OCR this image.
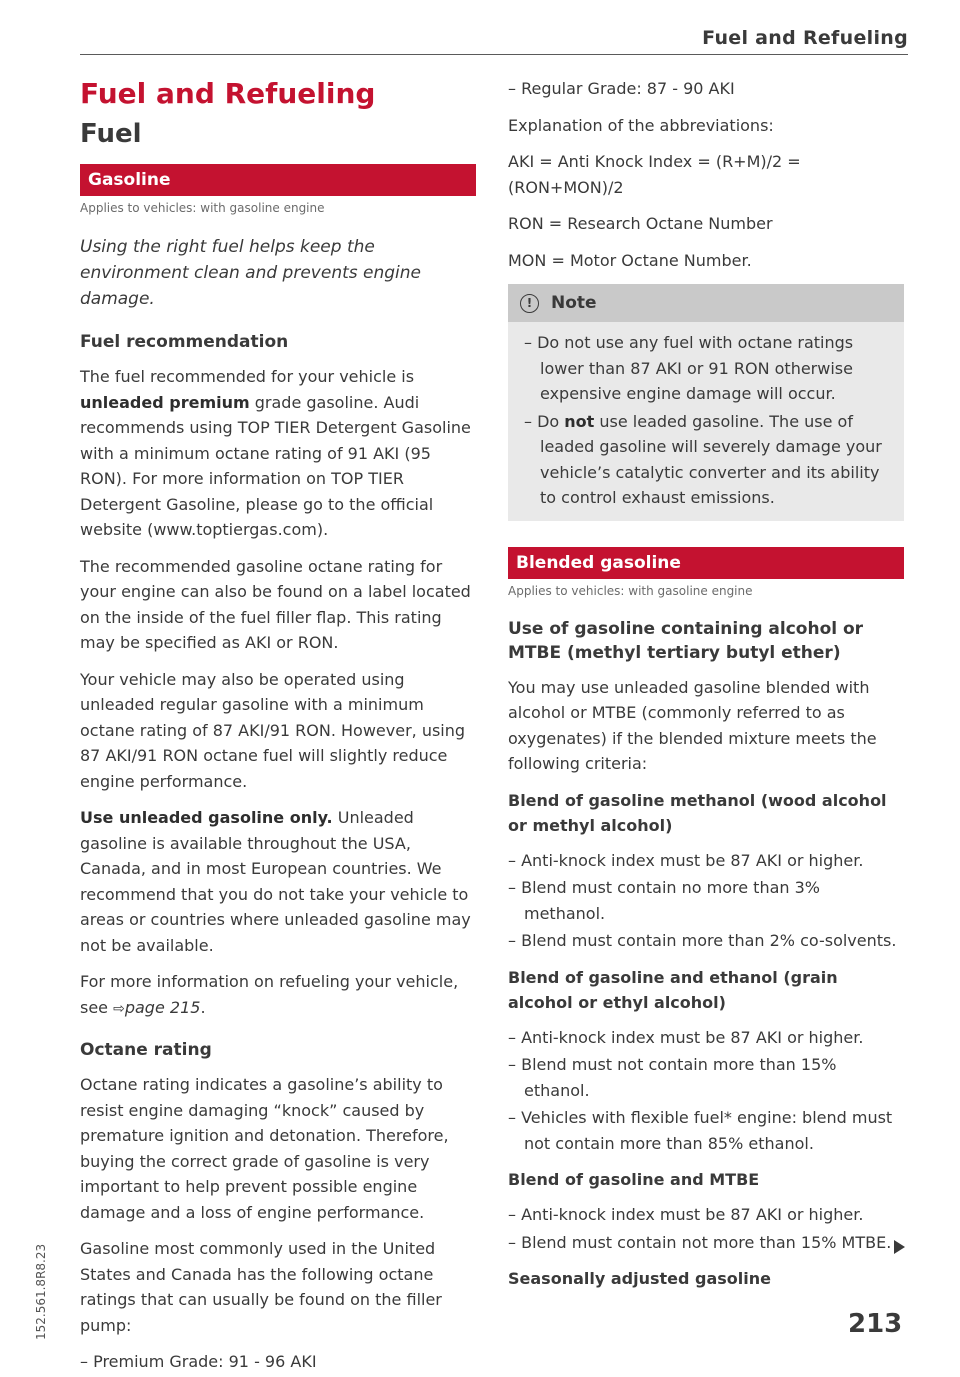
Fuel and Refueling
Fuel and Refueling
Fuel
Gasoline
Applies to vehicles: with gasoline engine
Using the right fuel helps keep the environment clean and prevents engine damage.
Fuel recommendation
The fuel recommended for your vehicle is unleaded premium grade gasoline. Audi recommends using TOP TIER Detergent Gasoline with a minimum octane rating of 91 AKI (95 RON). For more information on TOP TIER Detergent Gasoline, please go to the official website (www.toptiergas.com).
The recommended gasoline octane rating for your engine can also be found on a label located on the inside of the fuel filler flap. This rating may be specified as AKI or RON.
Your vehicle may also be operated using unleaded regular gasoline with a minimum octane rating of 87 AKI/91 RON. However, using 87 AKI/91 RON octane fuel will slightly reduce engine performance.
Use unleaded gasoline only. Unleaded gasoline is available throughout the USA, Canada, and in most European countries. We recommend that you do not take your vehicle to areas or countries where unleaded gasoline may not be available.
For more information on refueling your vehicle, see ⇨page 215.
Octane rating
Octane rating indicates a gasoline’s ability to resist engine damaging “knock” caused by premature ignition and detonation. Therefore, buying the correct grade of gasoline is very important to help prevent possible engine damage and a loss of engine performance.
Gasoline most commonly used in the United States and Canada has the following octane ratings that can usually be found on the filler pump:
– Premium Grade: 91 - 96 AKI
– Regular Grade: 87 - 90 AKI
Explanation of the abbreviations:
AKI = Anti Knock Index = (R+M)/2 = (RON+MON)/2
RON = Research Octane Number
MON = Motor Octane Number.
!	Note
– Do not use any fuel with octane ratings lower than 87 AKI or 91 RON otherwise expensive engine damage will occur.
– Do not use leaded gasoline. The use of leaded gasoline will severely damage your vehicle’s catalytic converter and its ability to control exhaust emissions.
Blended gasoline
Applies to vehicles: with gasoline engine
Use of gasoline containing alcohol or MTBE (methyl tertiary butyl ether)
You may use unleaded gasoline blended with alcohol or MTBE (commonly referred to as oxygenates) if the blended mixture meets the following criteria:
Blend of gasoline methanol (wood alcohol or methyl alcohol)
– Anti-knock index must be 87 AKI or higher.
– Blend must contain no more than 3% methanol.
– Blend must contain more than 2% co-solvents.
Blend of gasoline and ethanol (grain alcohol or ethyl alcohol)
– Anti-knock index must be 87 AKI or higher.
– Blend must not contain more than 15% ethanol.
– Vehicles with flexible fuel* engine: blend must not contain more than 85% ethanol.
Blend of gasoline and MTBE
– Anti-knock index must be 87 AKI or higher.
– Blend must contain not more than 15% MTBE.
Seasonally adjusted gasoline
213
152.561.8R8.23
